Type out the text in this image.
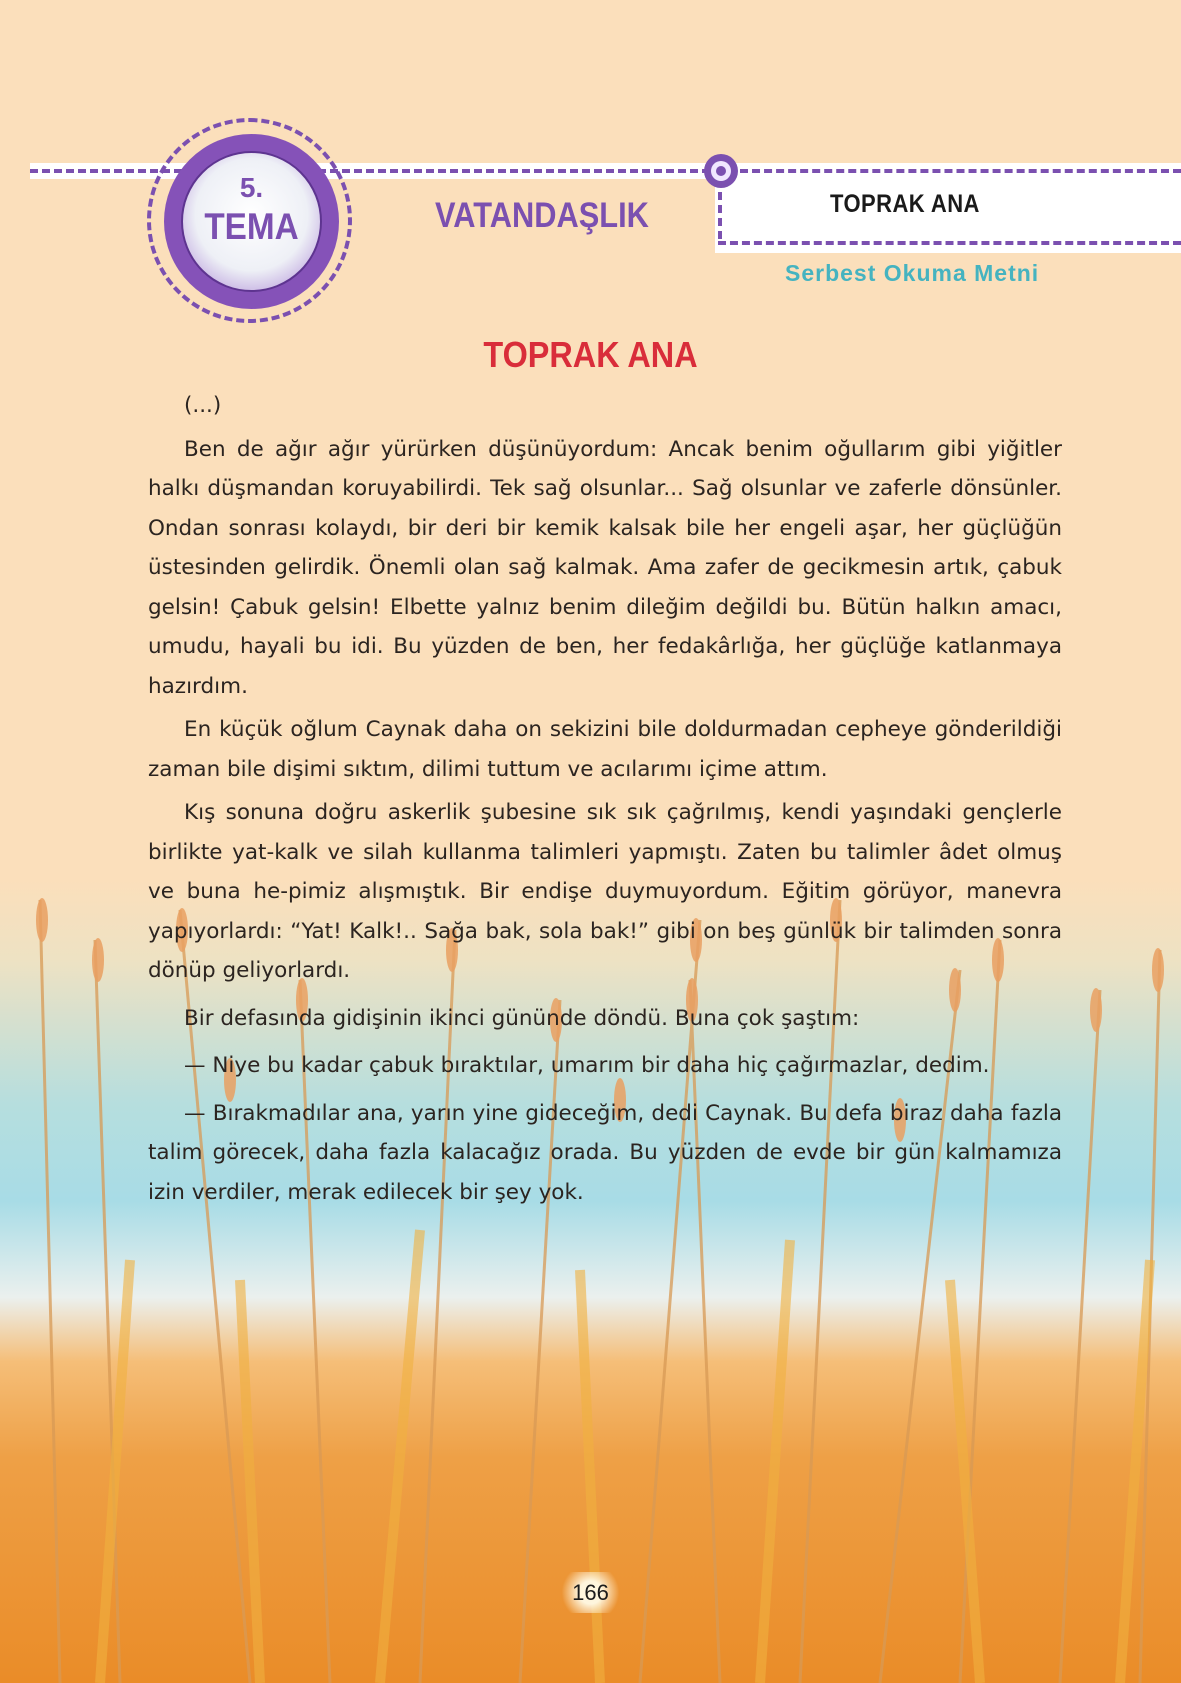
TOPRAK ANA
Serbest Okuma Metni
VATANDAŞLIK
5.
TEMA
TOPRAK ANA

(...)

Ben de ağır ağır yürürken düşünüyordum: Ancak benim oğullarım gibi yiğitler halkı düşmandan koruyabilirdi. Tek sağ olsunlar... Sağ olsunlar ve zaferle dönsünler. Ondan sonrası kolaydı, bir deri bir kemik kalsak bile her engeli aşar, her güçlüğün üstesinden gelirdik. Önemli olan sağ kalmak. Ama zafer de gecikmesin artık, çabuk gelsin! Çabuk gelsin! Elbette yalnız benim dileğim değildi bu. Bütün halkın amacı, umudu, hayali bu idi. Bu yüzden de ben, her fedakârlığa, her güçlüğe katlanmaya hazırdım.

En küçük oğlum Caynak daha on sekizini bile doldurmadan cepheye gönderildiği zaman bile dişimi sıktım, dilimi tuttum ve acılarımı içime attım.

Kış sonuna doğru askerlik şubesine sık sık çağrılmış, kendi yaşındaki gençlerle birlikte yat-kalk ve silah kullanma talimleri yapmıştı. Zaten bu talimler âdet olmuş ve buna he-pimiz alışmıştık. Bir endişe duymuyordum. Eğitim görüyor, manevra yapıyorlardı: “Yat! Kalk!.. Sağa bak, sola bak!” gibi on beş günlük bir talimden sonra dönüp geliyorlardı.

Bir defasında gidişinin ikinci gününde döndü. Buna çok şaştım:

— Niye bu kadar çabuk bıraktılar, umarım bir daha hiç çağırmazlar, dedim.

— Bırakmadılar ana, yarın yine gideceğim, dedi Caynak. Bu defa biraz daha fazla talim görecek, daha fazla kalacağız orada. Bu yüzden de evde bir gün kalmamıza izin verdiler, merak edilecek bir şey yok.

166
